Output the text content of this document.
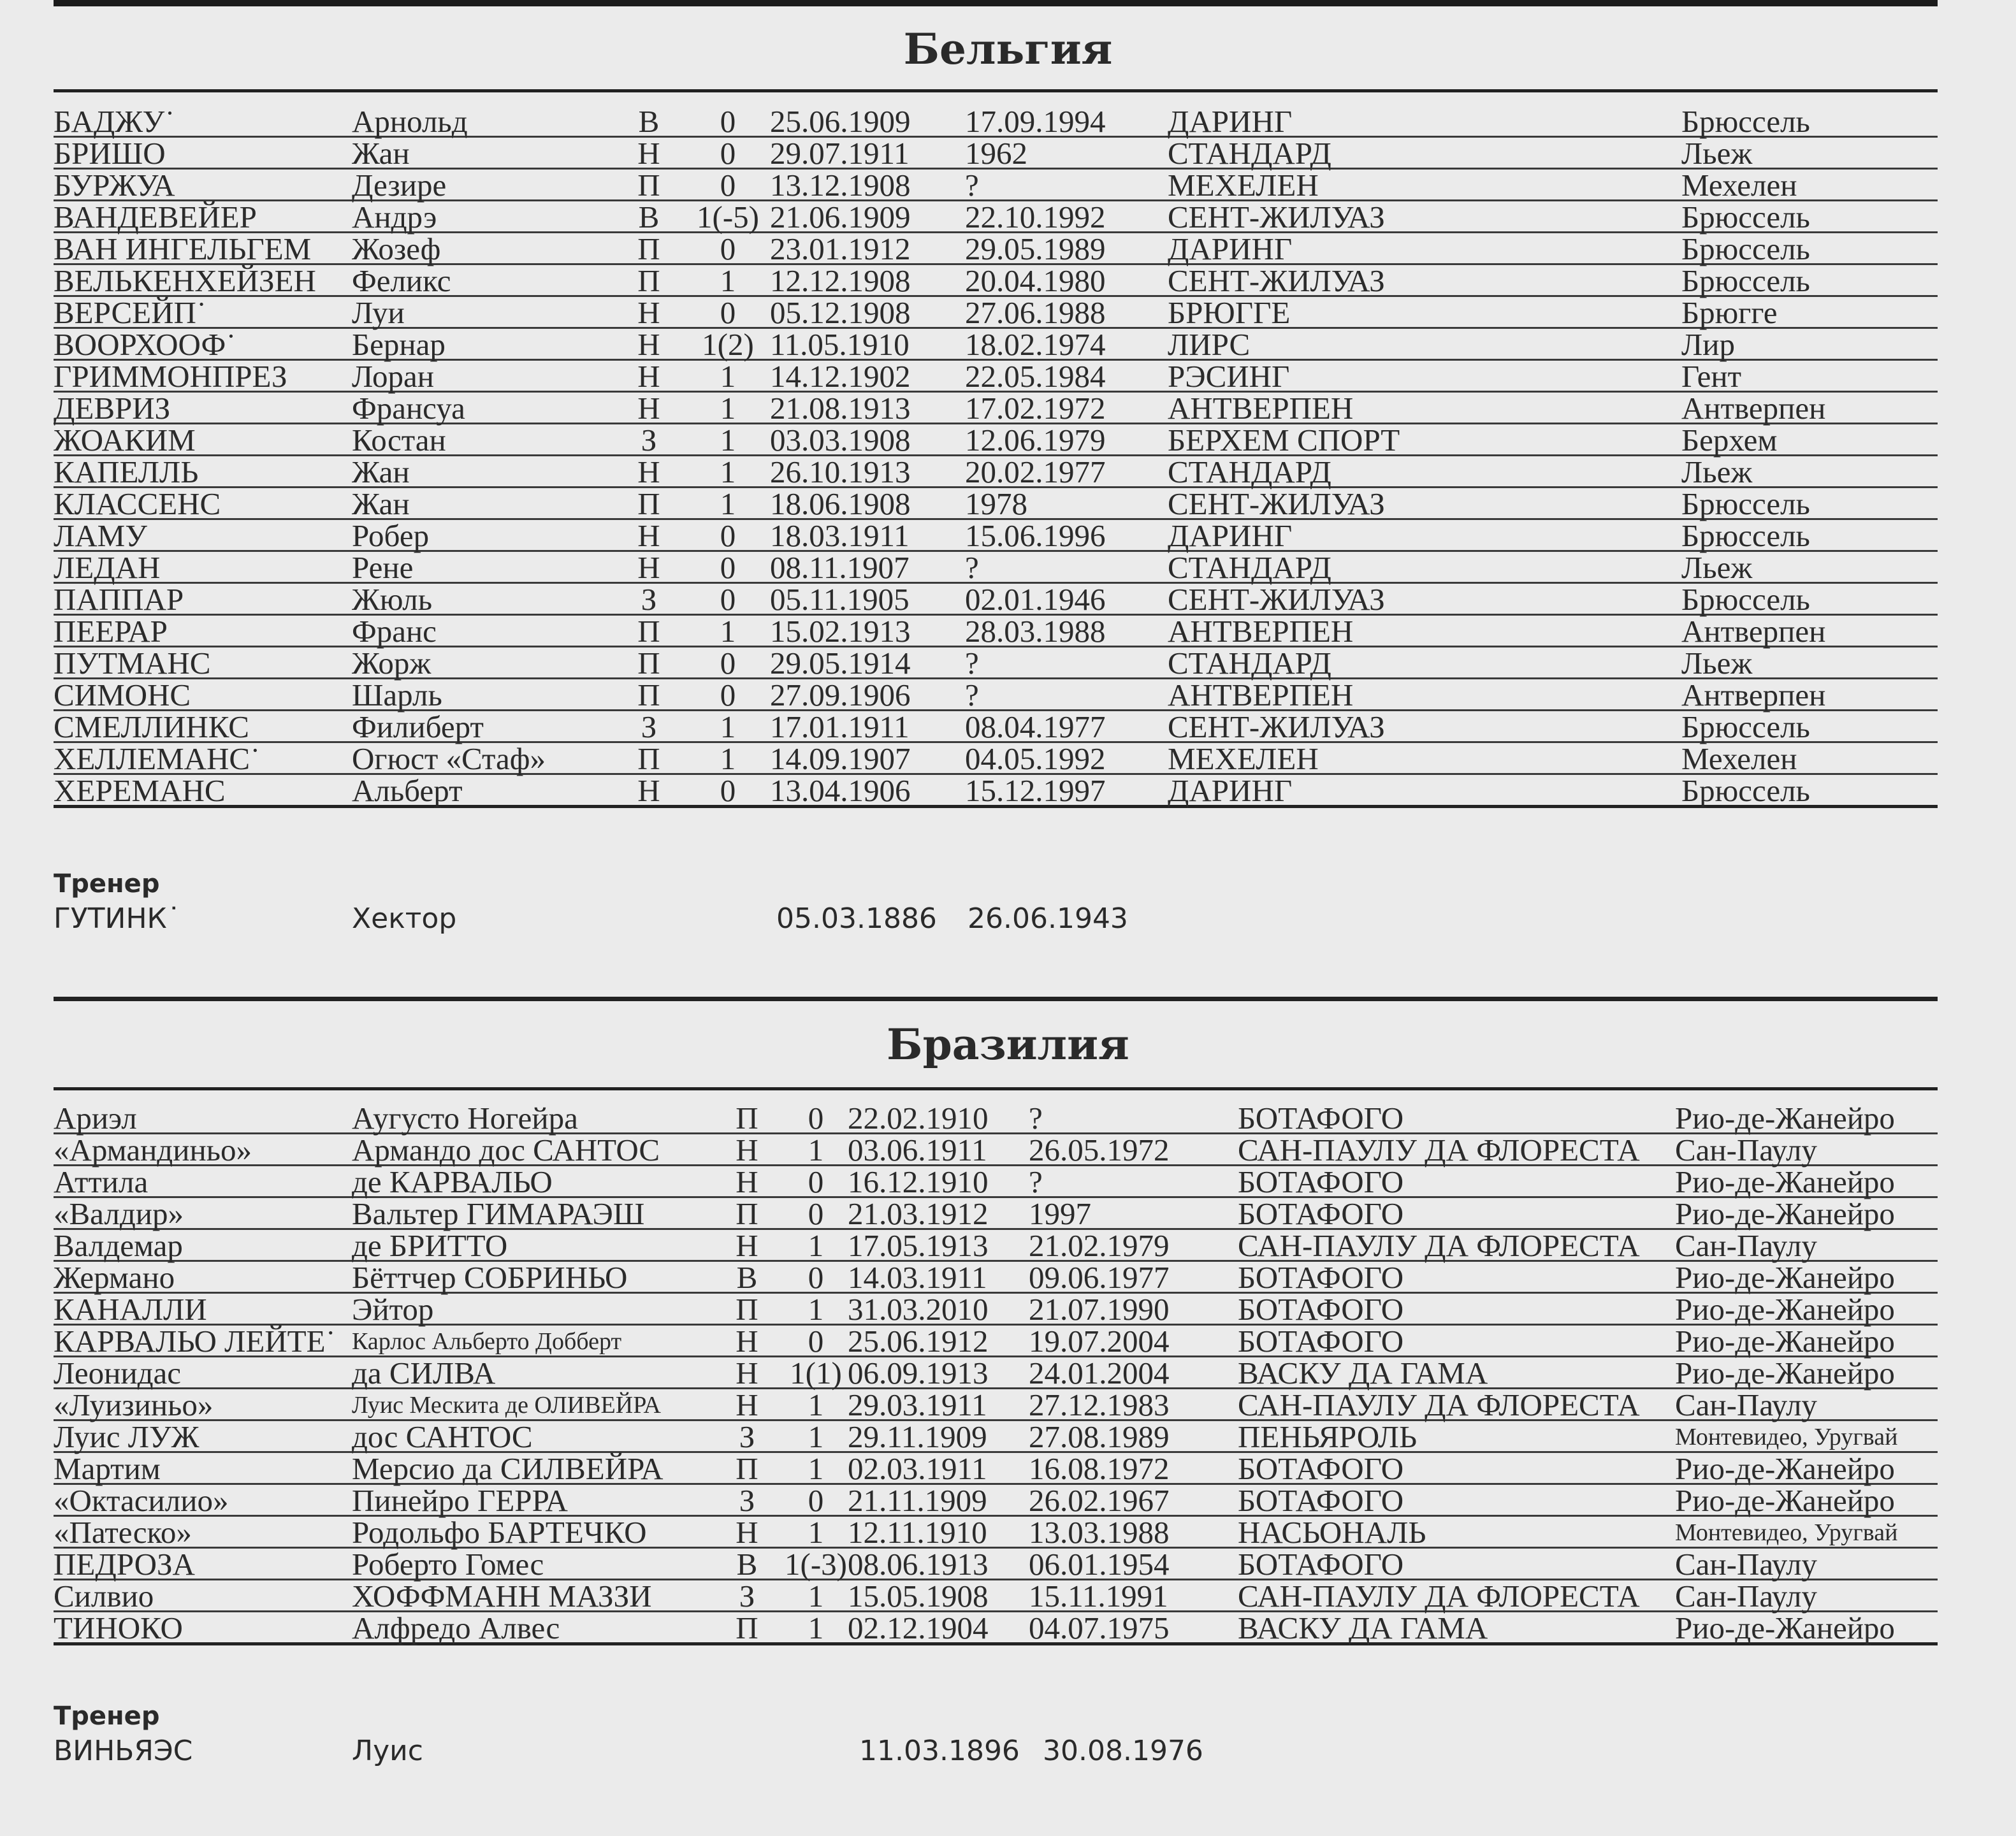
Бельгия
БАДЖУ˙	Арнольд	В	0	25.06.1909	17.09.1994	ДАРИНГ	Брюссель
БРИШО	Жан	Н	0	29.07.1911	1962	СТАНДАРД	Льеж
БУРЖУА	Дезире	П	0	13.12.1908	?	МЕХЕЛЕН	Мехелен
ВАНДЕВЕЙЕР	Андрэ	В	1(-5)	21.06.1909	22.10.1992	СЕНТ-ЖИЛУАЗ	Брюссель
ВАН ИНГЕЛЬГЕМ	Жозеф	П	0	23.01.1912	29.05.1989	ДАРИНГ	Брюссель
ВЕЛЬКЕНХЕЙЗЕН	Феликс	П	1	12.12.1908	20.04.1980	СЕНТ-ЖИЛУАЗ	Брюссель
ВЕРСЕЙП˙	Луи	Н	0	05.12.1908	27.06.1988	БРЮГГЕ	Брюгге
ВООРХООФ˙	Бернар	Н	1(2)	11.05.1910	18.02.1974	ЛИРС	Лир
ГРИММОНПРЕЗ	Лоран	Н	1	14.12.1902	22.05.1984	РЭСИНГ	Гент
ДЕВРИЗ	Франсуа	Н	1	21.08.1913	17.02.1972	АНТВЕРПЕН	Антверпен
ЖОАКИМ	Костан	З	1	03.03.1908	12.06.1979	БЕРХЕМ СПОРТ	Берхем
КАПЕЛЛЬ	Жан	Н	1	26.10.1913	20.02.1977	СТАНДАРД	Льеж
КЛАССЕНС	Жан	П	1	18.06.1908	1978	СЕНТ-ЖИЛУАЗ	Брюссель
ЛАМУ	Робер	Н	0	18.03.1911	15.06.1996	ДАРИНГ	Брюссель
ЛЕДАН	Рене	Н	0	08.11.1907	?	СТАНДАРД	Льеж
ПАППАР	Жюль	З	0	05.11.1905	02.01.1946	СЕНТ-ЖИЛУАЗ	Брюссель
ПЕЕРАР	Франс	П	1	15.02.1913	28.03.1988	АНТВЕРПЕН	Антверпен
ПУТМАНС	Жорж	П	0	29.05.1914	?	СТАНДАРД	Льеж
СИМОНС	Шарль	П	0	27.09.1906	?	АНТВЕРПЕН	Антверпен
СМЕЛЛИНКС	Филиберт	З	1	17.01.1911	08.04.1977	СЕНТ-ЖИЛУАЗ	Брюссель
ХЕЛЛЕМАНС˙	Огюст «Стаф»	П	1	14.09.1907	04.05.1992	МЕХЕЛЕН	Мехелен
ХЕРЕМАНС	Альберт	Н	0	13.04.1906	15.12.1997	ДАРИНГ	Брюссель
Тренер
ГУТИНК˙	Хектор	05.03.1886 26.06.1943
Бразилия
Ариэл	Аугусто Ногейра	П	0	22.02.1910	?	БОТАФОГО	Рио-де-Жанейро
«Армандиньо»	Армандо дос САНТОС	Н	1	03.06.1911	26.05.1972	САН-ПАУЛУ ДА ФЛОРЕСТА	Сан-Паулу
Аттила	де КАРВАЛЬО	Н	0	16.12.1910	?	БОТАФОГО	Рио-де-Жанейро
«Валдир»	Вальтер ГИМАРАЭШ	П	0	21.03.1912	1997	БОТАФОГО	Рио-де-Жанейро
Валдемар	де БРИТТО	Н	1	17.05.1913	21.02.1979	САН-ПАУЛУ ДА ФЛОРЕСТА	Сан-Паулу
Жермано	Бёттчер СОБРИНЬО	В	0	14.03.1911	09.06.1977	БОТАФОГО	Рио-де-Жанейро
КАНАЛЛИ	Эйтор	П	1	31.03.2010	21.07.1990	БОТАФОГО	Рио-де-Жанейро
КАРВАЛЬО ЛЕЙТЕ˙	Карлос Альберто Добберт	Н	0	25.06.1912	19.07.2004	БОТАФОГО	Рио-де-Жанейро
Леонидас	да СИЛВА	Н	1(1)	06.09.1913	24.01.2004	ВАСКУ ДА ГАМА	Рио-де-Жанейро
«Луизиньо»	Луис Мескита де ОЛИВЕЙРА	Н	1	29.03.1911	27.12.1983	САН-ПАУЛУ ДА ФЛОРЕСТА	Сан-Паулу
Луис ЛУЖ	дос САНТОС	З	1	29.11.1909	27.08.1989	ПЕНЬЯРОЛЬ	Монтевидео, Уругвай
Мартим	Мерсио да СИЛВЕЙРА	П	1	02.03.1911	16.08.1972	БОТАФОГО	Рио-де-Жанейро
«Октасилио»	Пинейро ГЕРРА	З	0	21.11.1909	26.02.1967	БОТАФОГО	Рио-де-Жанейро
«Патеско»	Родольфо БАРТЕЧКО	Н	1	12.11.1910	13.03.1988	НАСЬОНАЛЬ	Монтевидео, Уругвай
ПЕДРОЗА	Роберто Гомес	В	1(-3)	08.06.1913	06.01.1954	БОТАФОГО	Сан-Паулу
Силвио	ХОФФМАНН МАЗЗИ	З	1	15.05.1908	15.11.1991	САН-ПАУЛУ ДА ФЛОРЕСТА	Сан-Паулу
ТИНОКО	Алфредо Алвес	П	1	02.12.1904	04.07.1975	ВАСКУ ДА ГАМА	Рио-де-Жанейро
Тренер
ВИНЬЯЭС	Луис	11.03.1896 30.08.1976
